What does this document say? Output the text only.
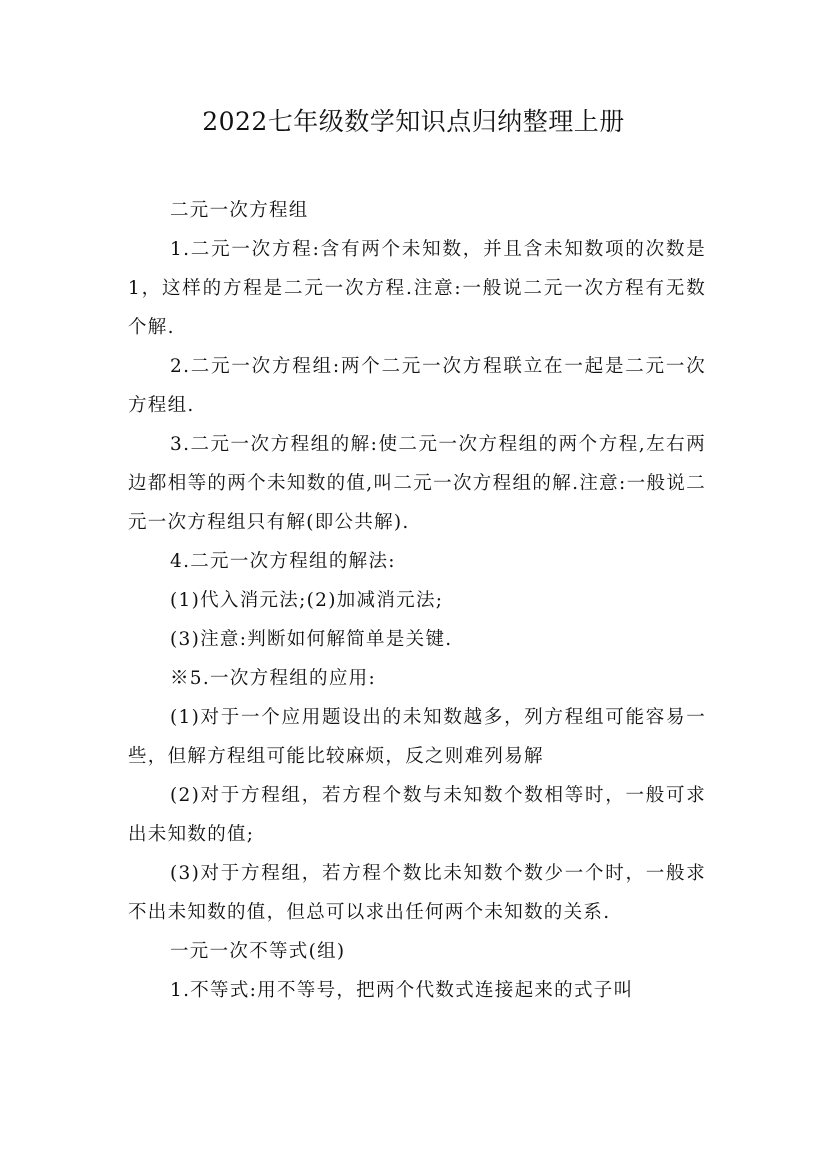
2022七年级数学知识点归纳整理上册

二元一次方程组

1.二元一次方程:含有两个未知数，并且含未知数项的次数是1，这样的方程是二元一次方程.注意:一般说二元一次方程有无数个解.

2.二元一次方程组:两个二元一次方程联立在一起是二元一次方程组.

3.二元一次方程组的解:使二元一次方程组的两个方程,左右两边都相等的两个未知数的值,叫二元一次方程组的解.注意:一般说二元一次方程组只有解(即公共解).

4.二元一次方程组的解法:

(1)代入消元法;(2)加减消元法;

(3)注意:判断如何解简单是关键.

※5.一次方程组的应用:

(1)对于一个应用题设出的未知数越多，列方程组可能容易一些，但解方程组可能比较麻烦，反之则难列易解

(2)对于方程组，若方程个数与未知数个数相等时，一般可求出未知数的值;

(3)对于方程组，若方程个数比未知数个数少一个时，一般求不出未知数的值，但总可以求出任何两个未知数的关系.

一元一次不等式(组)

1.不等式:用不等号，把两个代数式连接起来的式子叫
